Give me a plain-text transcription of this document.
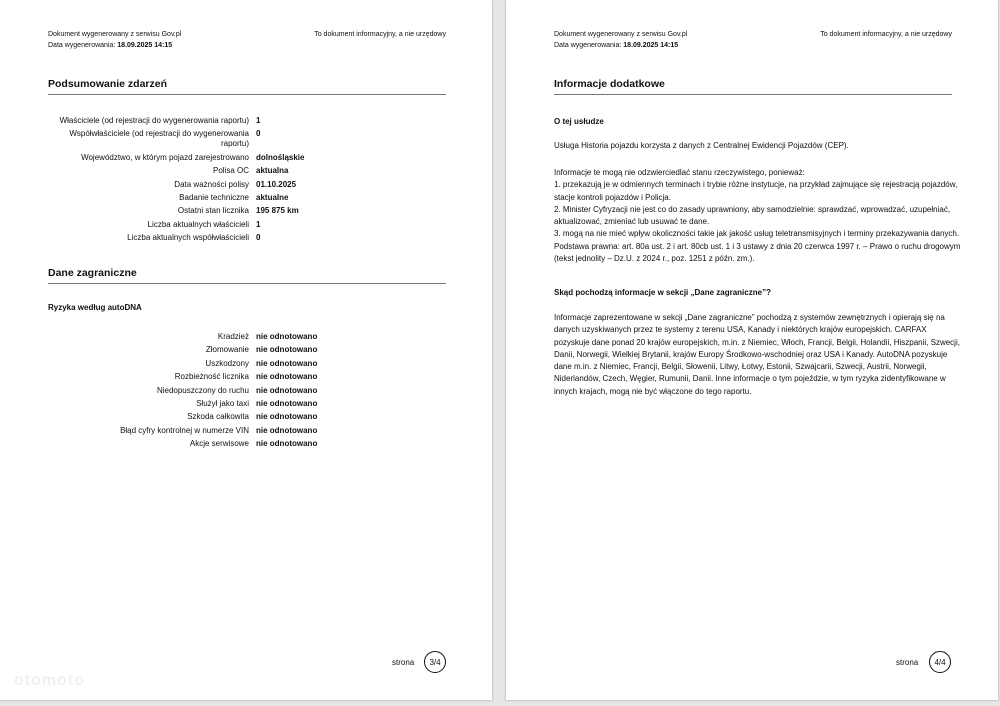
Dokument wygenerowany z serwisu Gov.pl
Data wygenerowania: 18.09.2025 14:15
To dokument informacyjny, a nie urzędowy
Podsumowanie zdarzeń
Właściciele (od rejestracji do wygenerowania raportu) 1
Współwłaściciele (od rejestracji do wygenerowania raportu)
0
Województwo, w którym pojazd zarejestrowano dolnośląskie
Polisa OC aktualna
Data ważności polisy 01.10.2025
Badanie techniczne aktualne
Ostatni stan licznika 195 875 km
Liczba aktualnych właścicieli 1
Liczba aktualnych współwłaścicieli 0
Dane zagraniczne
Ryzyka według autoDNA
Kradzież nie odnotowano
Złomowanie nie odnotowano
Uszkodzony nie odnotowano
Rozbieżność licznika nie odnotowano
Niedopuszczony do ruchu nie odnotowano
Służył jako taxi nie odnotowano
Szkoda całkowita nie odnotowano
Błąd cyfry kontrolnej w numerze VIN nie odnotowano
Akcje serwisowe nie odnotowano
strona	3/4
otomoto
Dokument wygenerowany z serwisu Gov.pl
Data wygenerowania: 18.09.2025 14:15
To dokument informacyjny, a nie urzędowy
Informacje dodatkowe
O tej usłudze

Usługa Historia pojazdu korzysta z danych z Centralnej Ewidencji Pojazdów (CEP).

Informacje te mogą nie odzwierciedlać stanu rzeczywistego, ponieważ:

1. przekazują je w odmiennych terminach i trybie różne instytucje, na przykład zajmujące się rejestracją pojazdów, stacje kontroli pojazdów i Policja.

2. Minister Cyfryzacji nie jest co do zasady uprawniony, aby samodzielnie: sprawdzać, wprowadzać, uzupełniać, aktualizować, zmieniać lub usuwać te dane.

3. mogą na nie mieć wpływ okoliczności takie jak jakość usług teletransmisyjnych i terminy przekazywania danych.

Podstawa prawna: art. 80a ust. 2 i art. 80cb ust. 1 i 3 ustawy z dnia 20 czerwca 1997 r. – Prawo o ruchu drogowym (tekst jednolity – Dz.U. z 2024 r., poz. 1251 z późn. zm.).

Skąd pochodzą informacje w sekcji „Dane zagraniczne”?

Informacje zaprezentowane w sekcji „Dane zagraniczne” pochodzą z systemów zewnętrznych i opierają się na danych uzyskiwanych przez te systemy z terenu USA, Kanady i niektórych krajów europejskich. CARFAX pozyskuje dane ponad 20 krajów europejskich, m.in. z Niemiec, Włoch, Francji, Belgii, Holandii, Hiszpanii, Szwecji, Danii, Norwegii, Wielkiej Brytanii, krajów Europy Środkowo-wschodniej oraz USA i Kanady. AutoDNA pozyskuje dane m.in. z Niemiec, Francji, Belgii, Słowenii, Litwy, Łotwy, Estonii, Szwajcarii, Szwecji, Austrii, Norwegii, Niderlandów, Czech, Węgier, Rumunii, Danii. Inne informacje o tym pojeździe, w tym ryzyka zidentyfikowane w innych krajach, mogą nie być włączone do tego raportu.

strona	4/4
